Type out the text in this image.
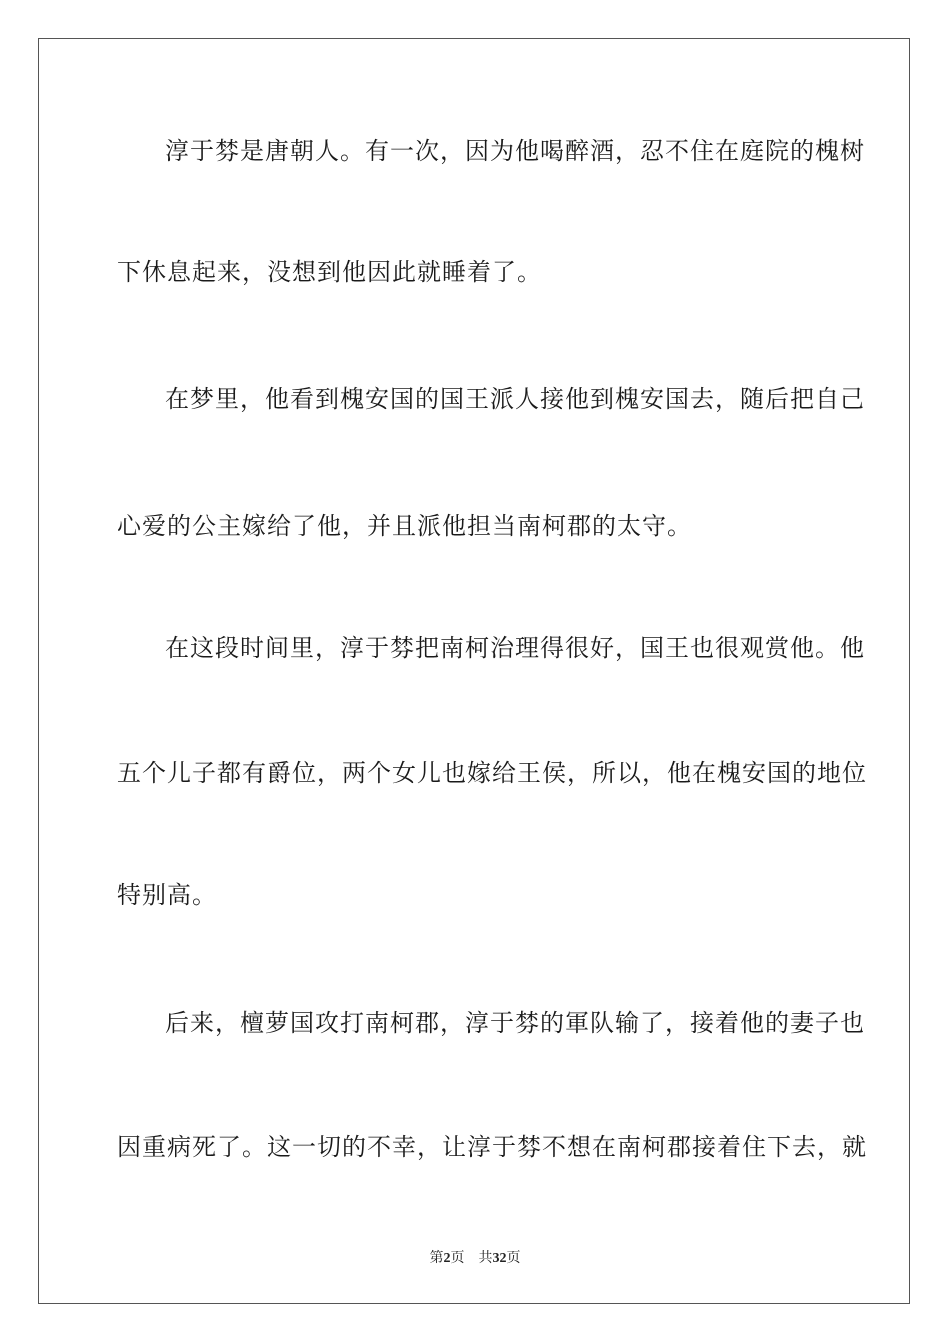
淳于棼是唐朝人。有一次，因为他喝醉酒，忍不住在庭院的槐树
下休息起来，没想到他因此就睡着了。
在梦里，他看到槐安国的国王派人接他到槐安国去，随后把自己
心爱的公主嫁给了他，并且派他担当南柯郡的太守。
在这段时间里，淳于棼把南柯治理得很好，国王也很观赏他。他
五个儿子都有爵位，两个女儿也嫁给王侯，所以，他在槐安国的地位
特别高。
后来，檀萝国攻打南柯郡，淳于棼的軍队输了，接着他的妻子也
因重病死了。这一切的不幸，让淳于棼不想在南柯郡接着住下去，就
第2页 共32页
